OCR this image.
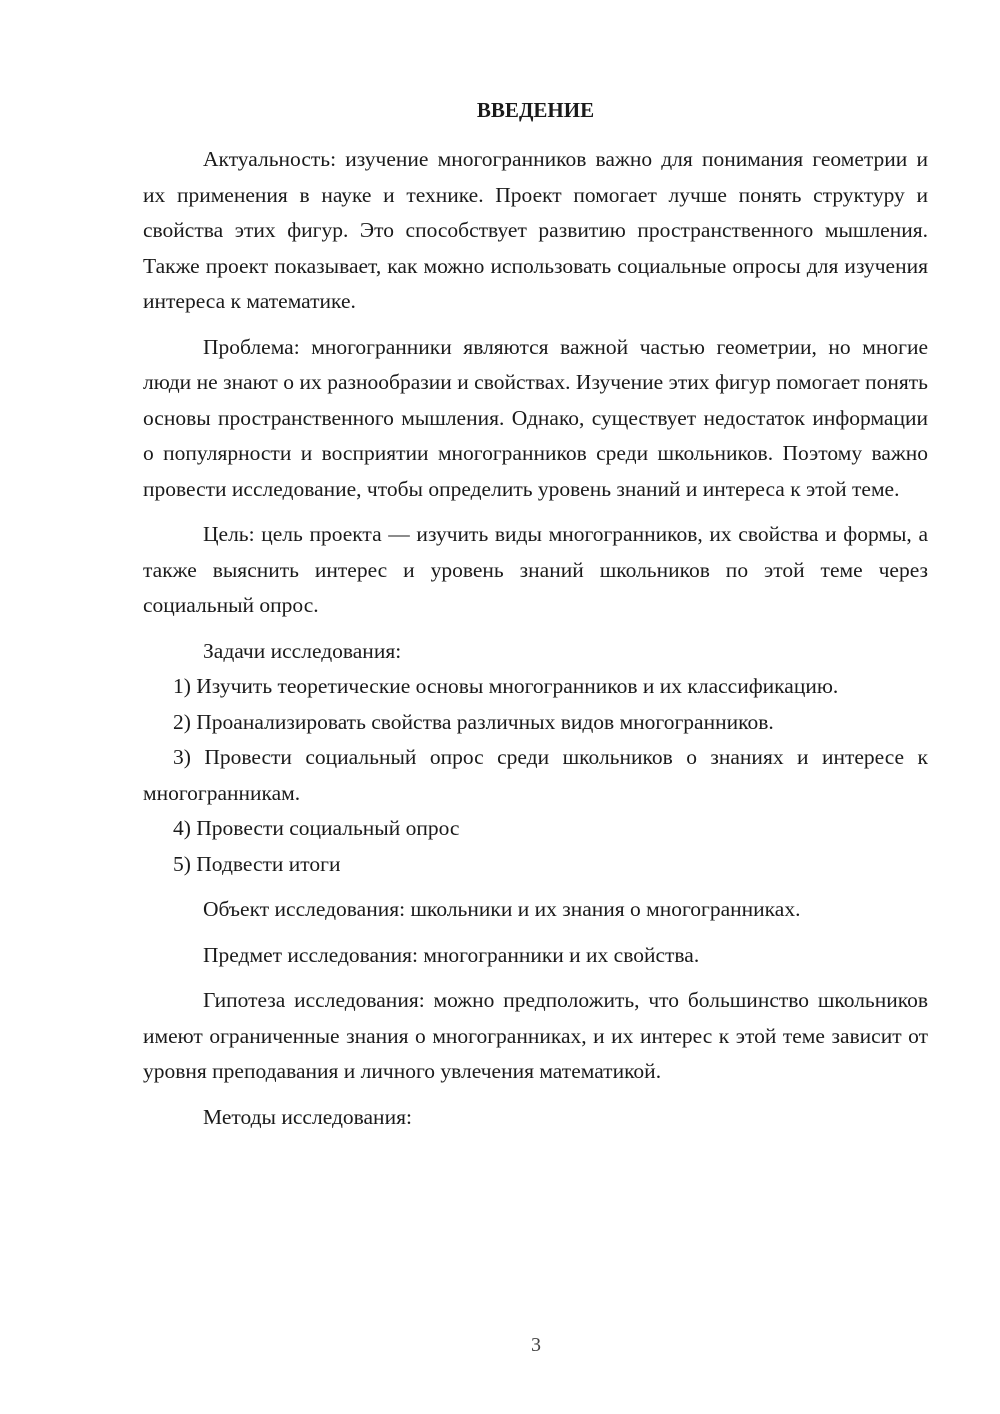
ВВЕДЕНИЕ

Актуальность: изучение многогранников важно для понимания геометрии и их применения в науке и технике. Проект помогает лучше понять структуру и свойства этих фигур. Это способствует развитию пространственного мышления. Также проект показывает, как можно использовать социальные опросы для изучения интереса к математике.

Проблема: многогранники являются важной частью геометрии, но многие люди не знают о их разнообразии и свойствах. Изучение этих фигур помогает понять основы пространственного мышления. Однако, существует недостаток информации о популярности и восприятии многогранников среди школьников. Поэтому важно провести исследование, чтобы определить уровень знаний и интереса к этой теме.

Цель: цель проекта — изучить виды многогранников, их свойства и формы, а также выяснить интерес и уровень знаний школьников по этой теме через социальный опрос.

Задачи исследования:

1) Изучить теоретические основы многогранников и их классификацию.

2) Проанализировать свойства различных видов многогранников.

3) Провести социальный опрос среди школьников о знаниях и интересе к многогранникам.

4) Провести социальный опрос

5) Подвести итоги

Объект исследования: школьники и их знания о многогранниках.

Предмет исследования: многогранники и их свойства.

Гипотеза исследования: можно предположить, что большинство школьников имеют ограниченные знания о многогранниках, и их интерес к этой теме зависит от уровня преподавания и личного увлечения математикой.

Методы исследования:

3
